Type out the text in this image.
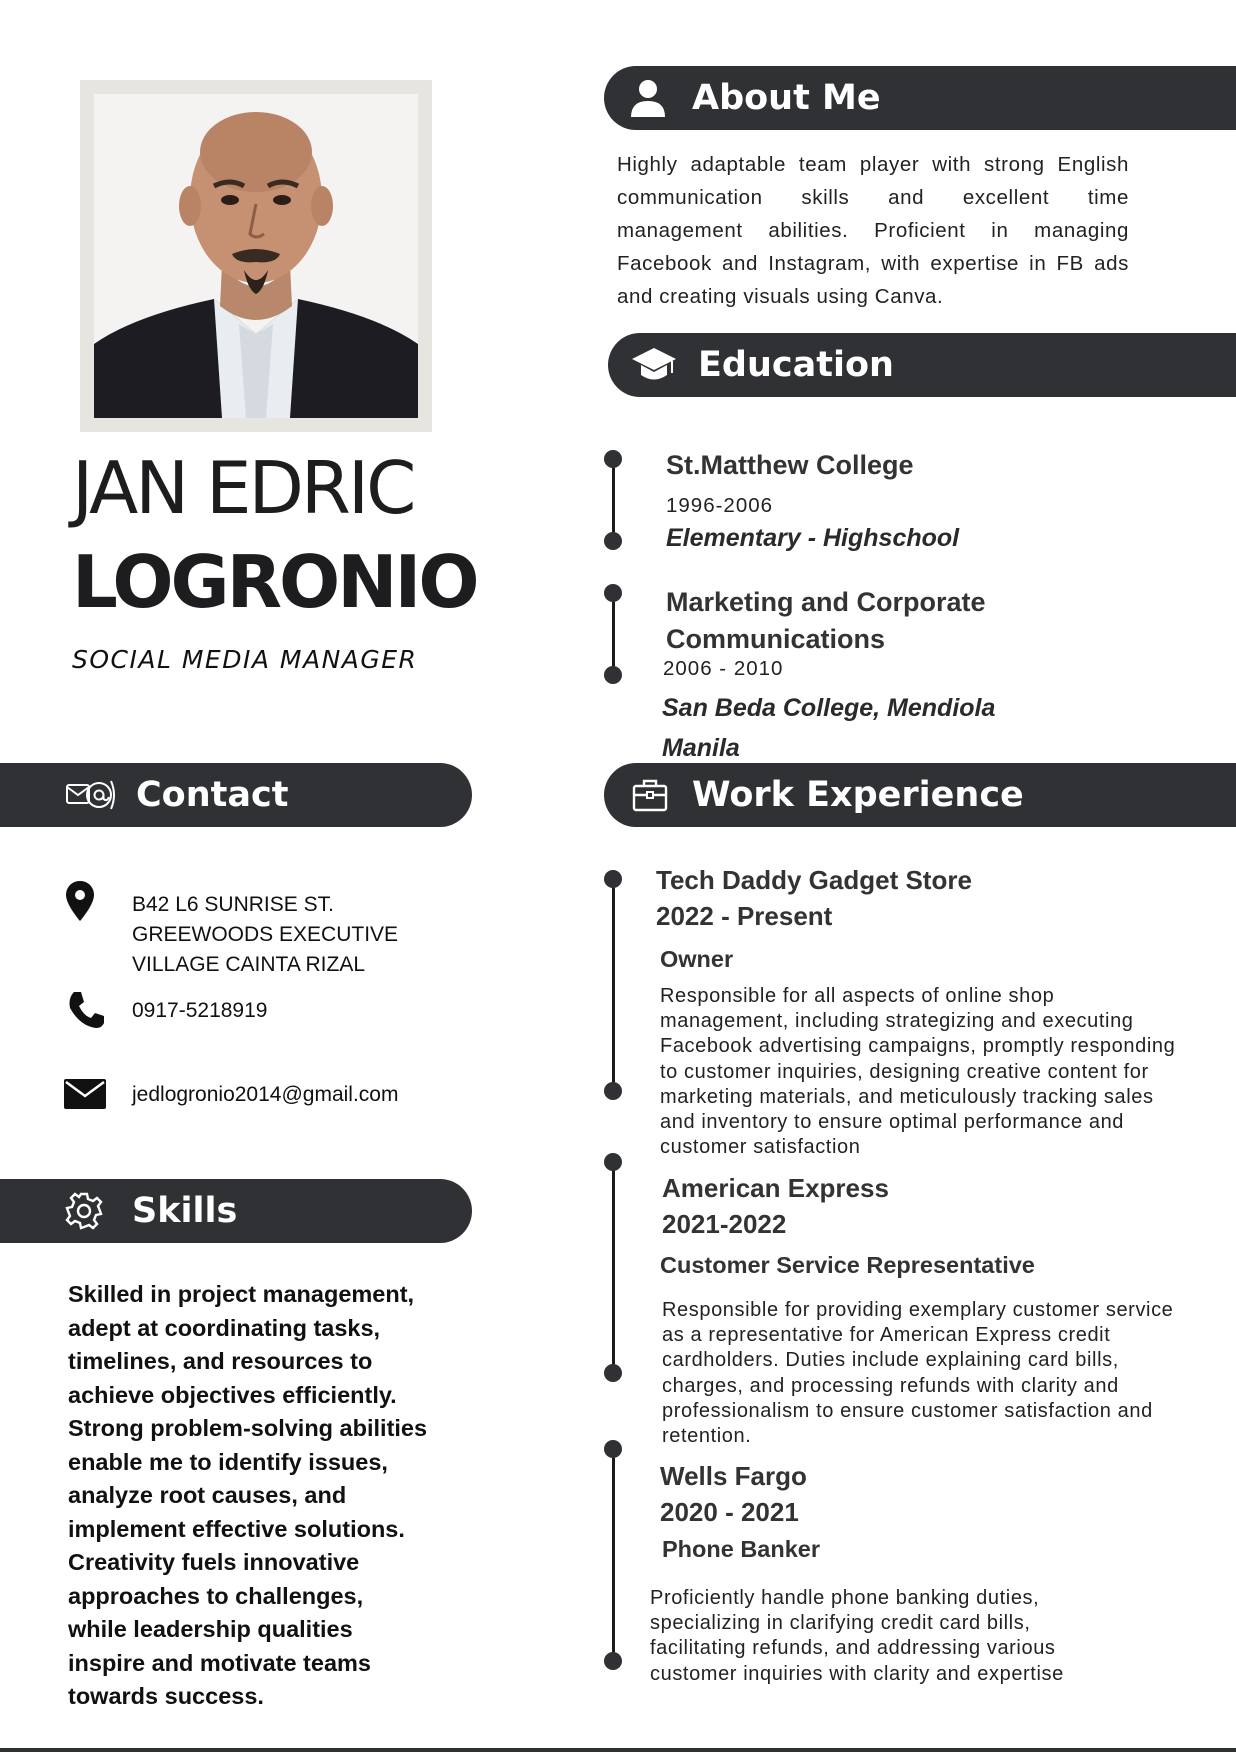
JAN EDRIC
LOGRONIO
SOCIAL MEDIA MANAGER
Contact
B42 L6 SUNRISE ST.
GREEWOODS EXECUTIVE
VILLAGE CAINTA RIZAL
0917-5218919
jedlogronio2014@gmail.com
Skills
Skilled in project management, adept at coordinating tasks, timelines, and resources to achieve objectives efficiently. Strong problem-solving abilities enable me to identify issues, analyze root causes, and implement effective solutions. Creativity fuels innovative approaches to challenges, while leadership qualities inspire and motivate teams towards success.
About Me
Highly adaptable team player with strong English communication skills and excellent time management abilities. Proficient in managing Facebook and Instagram, with expertise in FB ads and creating visuals using Canva.
Education
St.Matthew College
1996-2006
Elementary - Highschool
Marketing and Corporate
Communications
2006 - 2010
San Beda College, Mendiola
Manila
Work Experience
Tech Daddy Gadget Store
2022 - Present
Owner
Responsible for all aspects of online shop management, including strategizing and executing Facebook advertising campaigns, promptly responding to customer inquiries, designing creative content for marketing materials, and meticulously tracking sales and inventory to ensure optimal performance and customer satisfaction
American Express
2021-2022
Customer Service Representative
Responsible for providing exemplary customer service as a representative for American Express credit cardholders. Duties include explaining card bills, charges, and processing refunds with clarity and professionalism to ensure customer satisfaction and retention.
Wells Fargo
2020 - 2021
Phone Banker
Proficiently handle phone banking duties, specializing in clarifying credit card bills, facilitating refunds, and addressing various customer inquiries with clarity and expertise
